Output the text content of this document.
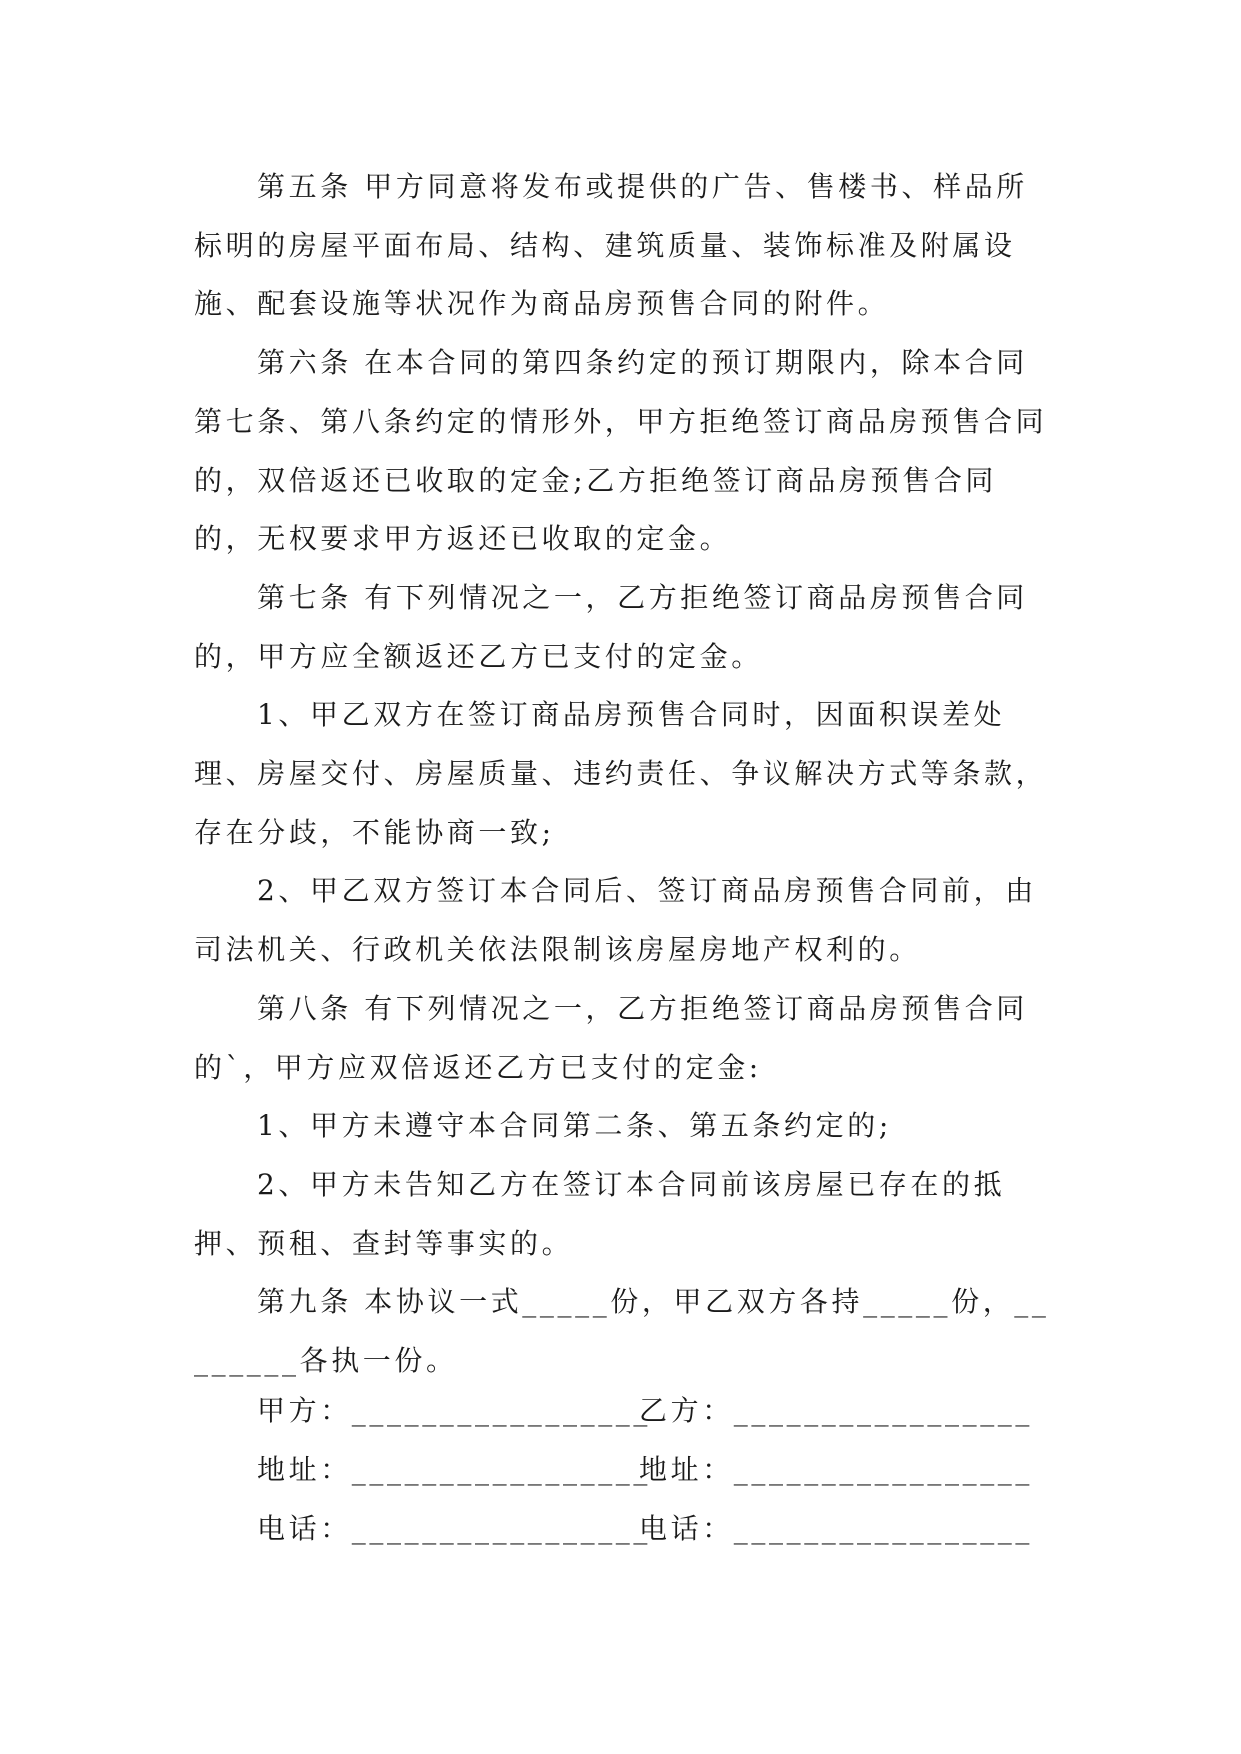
第五条 甲方同意将发布或提供的广告、售楼书、样品所标明的房屋平面布局、结构、建筑质量、装饰标准及附属设施、配套设施等状况作为商品房预售合同的附件。

第六条 在本合同的第四条约定的预订期限内，除本合同第七条、第八条约定的情形外，甲方拒绝签订商品房预售合同的，双倍返还已收取的定金;乙方拒绝签订商品房预售合同的，无权要求甲方返还已收取的定金。

第七条 有下列情况之一，乙方拒绝签订商品房预售合同的，甲方应全额返还乙方已支付的定金。

1、甲乙双方在签订商品房预售合同时，因面积误差处理、房屋交付、房屋质量、违约责任、争议解决方式等条款，存在分歧，不能协商一致;

2、甲乙双方签订本合同后、签订商品房预售合同前，由司法机关、行政机关依法限制该房屋房地产权利的。

第八条 有下列情况之一，乙方拒绝签订商品房预售合同的`，甲方应双倍返还乙方已支付的定金:

1、甲方未遵守本合同第二条、第五条约定的;

2、甲方未告知乙方在签订本合同前该房屋已存在的抵押、预租、查封等事实的。

第九条 本协议一式_____份，甲乙双方各持_____份，________各执一份。

甲方：_________________
乙方：_________________
地址：_________________
地址：_________________
电话：_________________
电话：_________________
